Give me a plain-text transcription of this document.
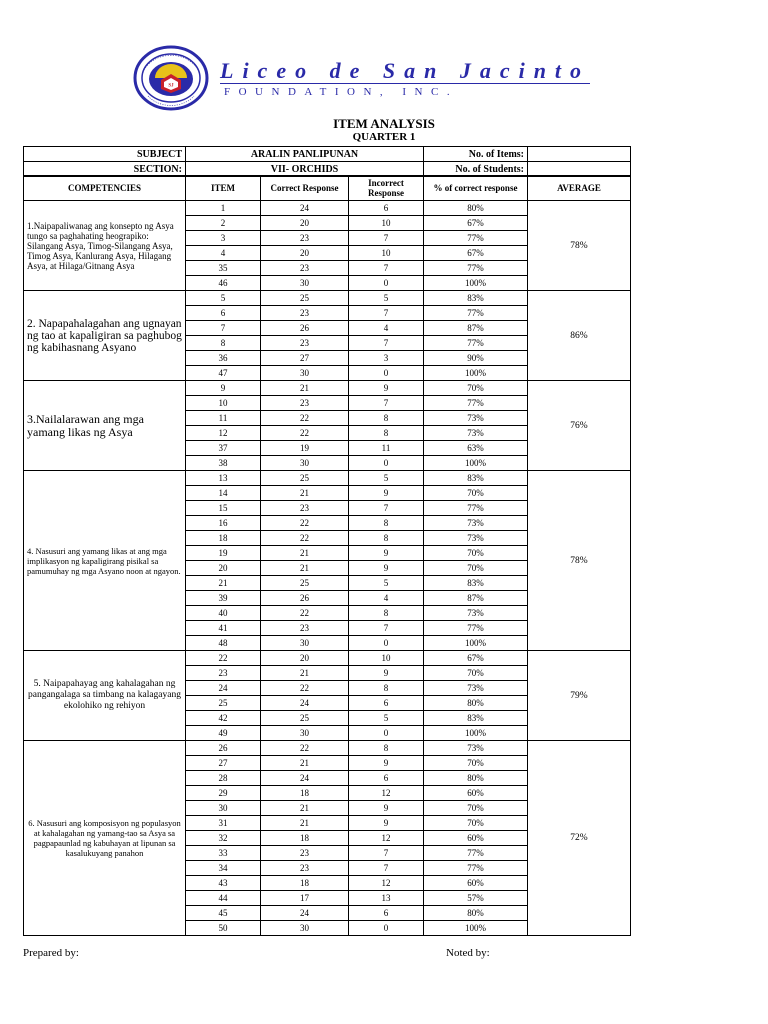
SJ
Liceo de San Jacinto
FOUNDATION, INC.
ITEM ANALYSIS
QUARTER 1
SUBJECT	ARALIN PANLIPUNAN	No. of Items:	
SECTION:	VII- ORCHIDS	No. of Students:	
COMPETENCIES	ITEM	Correct Response	Incorrect Response	% of correct response	AVERAGE
1.Naipapaliwanag ang konsepto ng Asya tungo sa paghahating heograpiko: Silangang Asya, Timog-Silangang Asya, Timog Asya, Kanlurang Asya, Hilagang Asya, at Hilaga/Gitnang Asya	1	24	6	80%	78%
	2	20	10	67%	
	3	23	7	77%	
	4	20	10	67%	
	35	23	7	77%	
	46	30	0	100%	
2. Napapahalagahan ang ugnayan ng tao at kapaligiran sa paghubog ng kabihasnang Asyano	5	25	5	83%	86%
	6	23	7	77%	
	7	26	4	87%	
	8	23	7	77%	
	36	27	3	90%	
	47	30	0	100%	
3.Nailalarawan ang mga yamang likas ng Asya	9	21	9	70%	76%
	10	23	7	77%	
	11	22	8	73%	
	12	22	8	73%	
	37	19	11	63%	
	38	30	0	100%	
4. Nasusuri ang yamang likas at ang mga implikasyon ng kapaligirang pisikal sa pamumuhay ng mga Asyano noon at ngayon.	13	25	5	83%	78%
	14	21	9	70%	
	15	23	7	77%	
	16	22	8	73%	
	18	22	8	73%	
	19	21	9	70%	
	20	21	9	70%	
	21	25	5	83%	
	39	26	4	87%	
	40	22	8	73%	
	41	23	7	77%	
	48	30	0	100%	
5. Naipapahayag ang kahalagahan ng pangangalaga sa timbang na kalagayang ekolohiko ng rehiyon	22	20	10	67%	79%
	23	21	9	70%	
	24	22	8	73%	
	25	24	6	80%	
	42	25	5	83%	
	49	30	0	100%	
6. Nasusuri ang komposisyon ng populasyon at kahalagahan ng yamang-tao sa Asya sa pagpapaunlad ng kabuhayan at lipunan sa kasalukuyang panahon	26	22	8	73%	72%
	27	21	9	70%	
	28	24	6	80%	
	29	18	12	60%	
	30	21	9	70%	
	31	21	9	70%	
	32	18	12	60%	
	33	23	7	77%	
	34	23	7	77%	
	43	18	12	60%	
	44	17	13	57%	
	45	24	6	80%	
	50	30	0	100%	
Prepared by:	Noted by:
